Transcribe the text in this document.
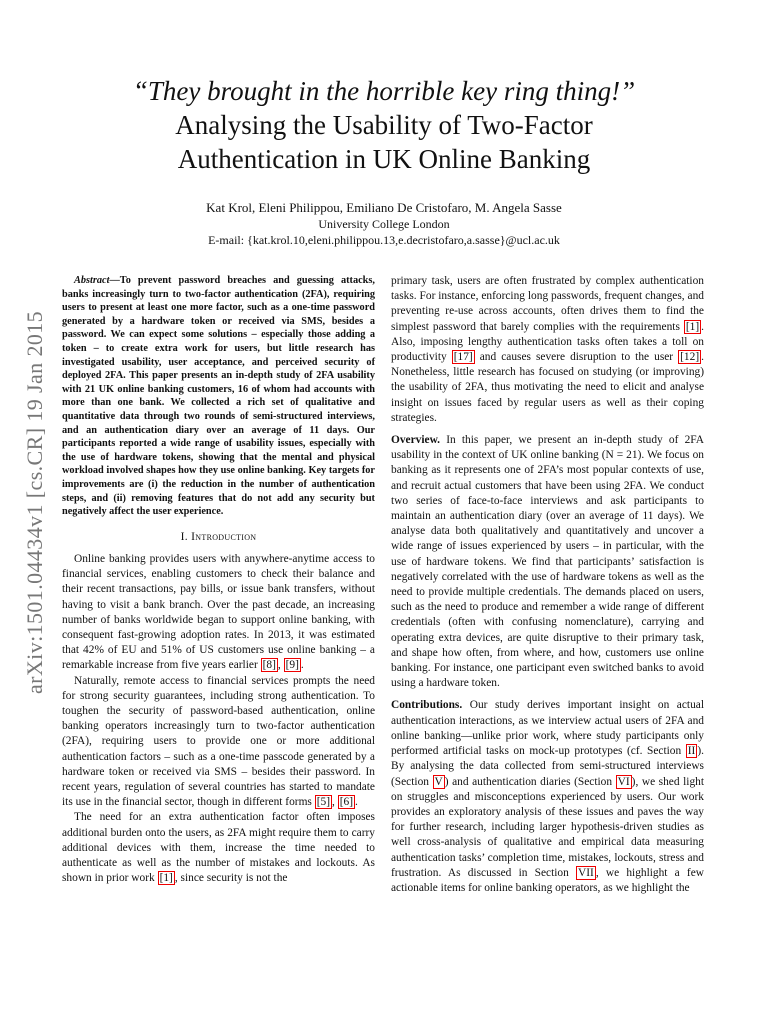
“They brought in the horrible key ring thing!”
Analysing the Usability of Two-Factor
Authentication in UK Online Banking
Kat Krol, Eleni Philippou, Emiliano De Cristofaro, M. Angela Sasse
University College London
E-mail: {kat.krol.10,eleni.philippou.13,e.decristofaro,a.sasse}@ucl.ac.uk
arXiv:1501.04434v1 [cs.CR] 19 Jan 2015

Abstract—To prevent password breaches and guessing attacks, banks increasingly turn to two-factor authentication (2FA), requiring users to present at least one more factor, such as a one-time password generated by a hardware token or received via SMS, besides a password. We can expect some solutions – especially those adding a token – to create extra work for users, but little research has investigated usability, user acceptance, and perceived security of deployed 2FA. This paper presents an in-depth study of 2FA usability with 21 UK online banking customers, 16 of whom had accounts with more than one bank. We collected a rich set of qualitative and quantitative data through two rounds of semi-structured interviews, and an authentication diary over an average of 11 days. Our participants reported a wide range of usability issues, especially with the use of hardware tokens, showing that the mental and physical workload involved shapes how they use online banking. Key targets for improvements are (i) the reduction in the number of authentication steps, and (ii) removing features that do not add any security but negatively affect the user experience.

I. Introduction

Online banking provides users with anywhere-anytime access to financial services, enabling customers to check their balance and their recent transactions, pay bills, or issue bank transfers, without having to visit a bank branch. Over the past decade, an increasing number of banks worldwide began to support online banking, with consequent fast-growing adoption rates. In 2013, it was estimated that 42% of EU and 51% of US customers use online banking – a remarkable increase from five years earlier [8] , [9] .

Naturally, remote access to financial services prompts the need for strong security guarantees, including strong authentication. To toughen the security of password-based authentication, online banking operators increasingly turn to two-factor authentication (2FA), requiring users to provide one or more additional authentication factors – such as a one-time passcode generated by a hardware token or received via SMS – besides their password. In recent years, regulation of several countries has started to mandate its use in the financial sector, though in different forms [5] , [6] .

The need for an extra authentication factor often imposes additional burden onto the users, as 2FA might require them to carry additional devices with them, increase the time needed to authenticate as well as the number of mistakes and lockouts. As shown in prior work [1] , since security is not the

primary task, users are often frustrated by complex authentication tasks. For instance, enforcing long passwords, frequent changes, and preventing re-use across accounts, often drives them to find the simplest password that barely complies with the requirements [1] . Also, imposing lengthy authentication tasks often takes a toll on productivity [17] and causes severe disruption to the user [12] . Nonetheless, little research has focused on studying (or improving) the usability of 2FA, thus motivating the need to elicit and analyse insight on issues faced by regular users as well as their coping strategies.

Overview. In this paper, we present an in-depth study of 2FA usability in the context of UK online banking (N = 21). We focus on banking as it represents one of 2FA’s most popular contexts of use, and recruit actual customers that have been using 2FA. We conduct two series of face-to-face interviews and ask participants to maintain an authentication diary (over an average of 11 days). We analyse data both qualitatively and quantitatively and uncover a wide range of issues experienced by users – in particular, with the use of hardware tokens. We find that participants’ satisfaction is negatively correlated with the use of hardware tokens as well as the need to provide multiple credentials. The demands placed on users, such as the need to produce and remember a wide range of different credentials (often with confusing nomenclature), carrying and operating extra devices, are quite disruptive to their primary task, and shape how often, from where, and how, customers use online banking. For instance, one participant even switched banks to avoid using a hardware token.

Contributions. Our study derives important insight on actual authentication interactions, as we interview actual users of 2FA and online banking—unlike prior work, where study participants only performed artificial tasks on mock-up prototypes (cf. Section II ). By analysing the data collected from semi-structured interviews (Section V ) and authentication diaries (Section VI ), we shed light on struggles and misconceptions experienced by users. Our work provides an exploratory analysis of these issues and paves the way for further research, including larger hypothesis-driven studies as well cross-analysis of qualitative and empirical data measuring authentication tasks’ completion time, mistakes, lockouts, stress and frustration. As discussed in Section VII , we highlight a few actionable items for online banking operators, as we highlight the
